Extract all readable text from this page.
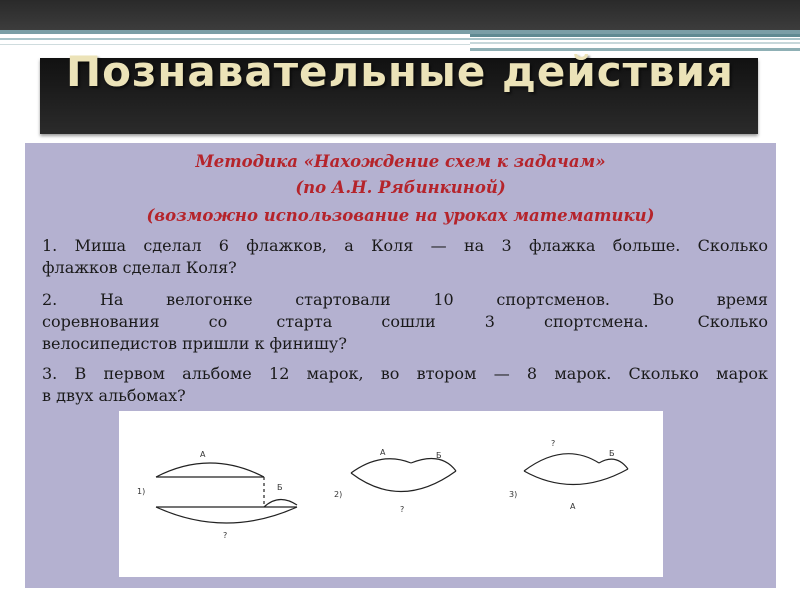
Познавательные действия
Методика «Нахождение схем к задачам»
(по А.Н. Рябинкиной)
(возможно использование на уроках математики)
1. Миша сделал 6 флажков, а Коля — на 3 флажка больше. Сколько
флажков сделал Коля?
2. На велогонке стартовали 10 спортсменов. Во время
соревнования со старта сошли 3 спортсмена. Сколько
велосипедистов пришли к финишу?
3. В первом альбоме 12 марок, во втором — 8 марок. Сколько марок
в двух альбомах?
1)
А
Б
?
2)
А	Б
?
3)
?
Б
А
